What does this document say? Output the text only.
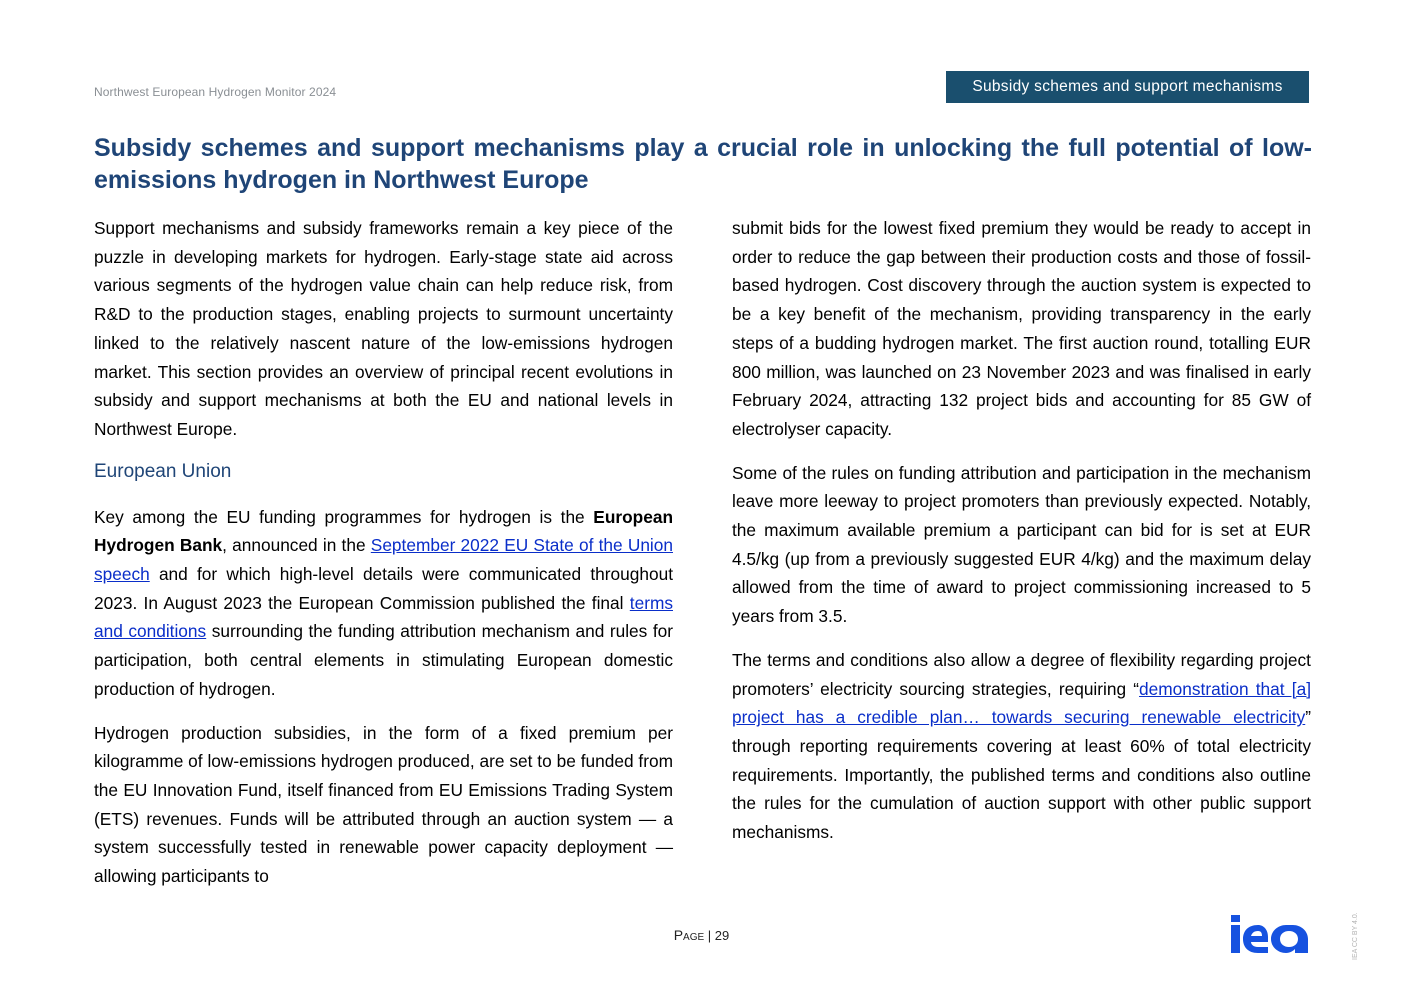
Northwest European Hydrogen Monitor 2024	Subsidy schemes and support mechanisms
Subsidy schemes and support mechanisms play a crucial role in unlocking the full potential of low-emissions hydrogen in Northwest Europe

Support mechanisms and subsidy frameworks remain a key piece of the puzzle in developing markets for hydrogen. Early-stage state aid across various segments of the hydrogen value chain can help reduce risk, from R&D to the production stages, enabling projects to surmount uncertainty linked to the relatively nascent nature of the low-emissions hydrogen market. This section provides an overview of principal recent evolutions in subsidy and support mechanisms at both the EU and national levels in Northwest Europe.

European Union

Key among the EU funding programmes for hydrogen is the European Hydrogen Bank, announced in the September 2022 EU State of the Union speech and for which high-level details were communicated throughout 2023. In August 2023 the European Commission published the final terms and conditions surrounding the funding attribution mechanism and rules for participation, both central elements in stimulating European domestic production of hydrogen.

Hydrogen production subsidies, in the form of a fixed premium per kilogramme of low-emissions hydrogen produced, are set to be funded from the EU Innovation Fund, itself financed from EU Emissions Trading System (ETS) revenues. Funds will be attributed through an auction system — a system successfully tested in renewable power capacity deployment — allowing participants to

submit bids for the lowest fixed premium they would be ready to accept in order to reduce the gap between their production costs and those of fossil-based hydrogen. Cost discovery through the auction system is expected to be a key benefit of the mechanism, providing transparency in the early steps of a budding hydrogen market. The first auction round, totalling EUR 800 million, was launched on 23 November 2023 and was finalised in early February 2024, attracting 132 project bids and accounting for 85 GW of electrolyser capacity.

Some of the rules on funding attribution and participation in the mechanism leave more leeway to project promoters than previously expected. Notably, the maximum available premium a participant can bid for is set at EUR 4.5/kg (up from a previously suggested EUR 4/kg) and the maximum delay allowed from the time of award to project commissioning increased to 5 years from 3.5.

The terms and conditions also allow a degree of flexibility regarding project promoters’ electricity sourcing strategies, requiring “demonstration that [a] project has a credible plan… towards securing renewable electricity” through reporting requirements covering at least 60% of total electricity requirements. Importantly, the published terms and conditions also outline the rules for the cumulation of auction support with other public support mechanisms.

Page | 29	IEA CC BY 4.0.
